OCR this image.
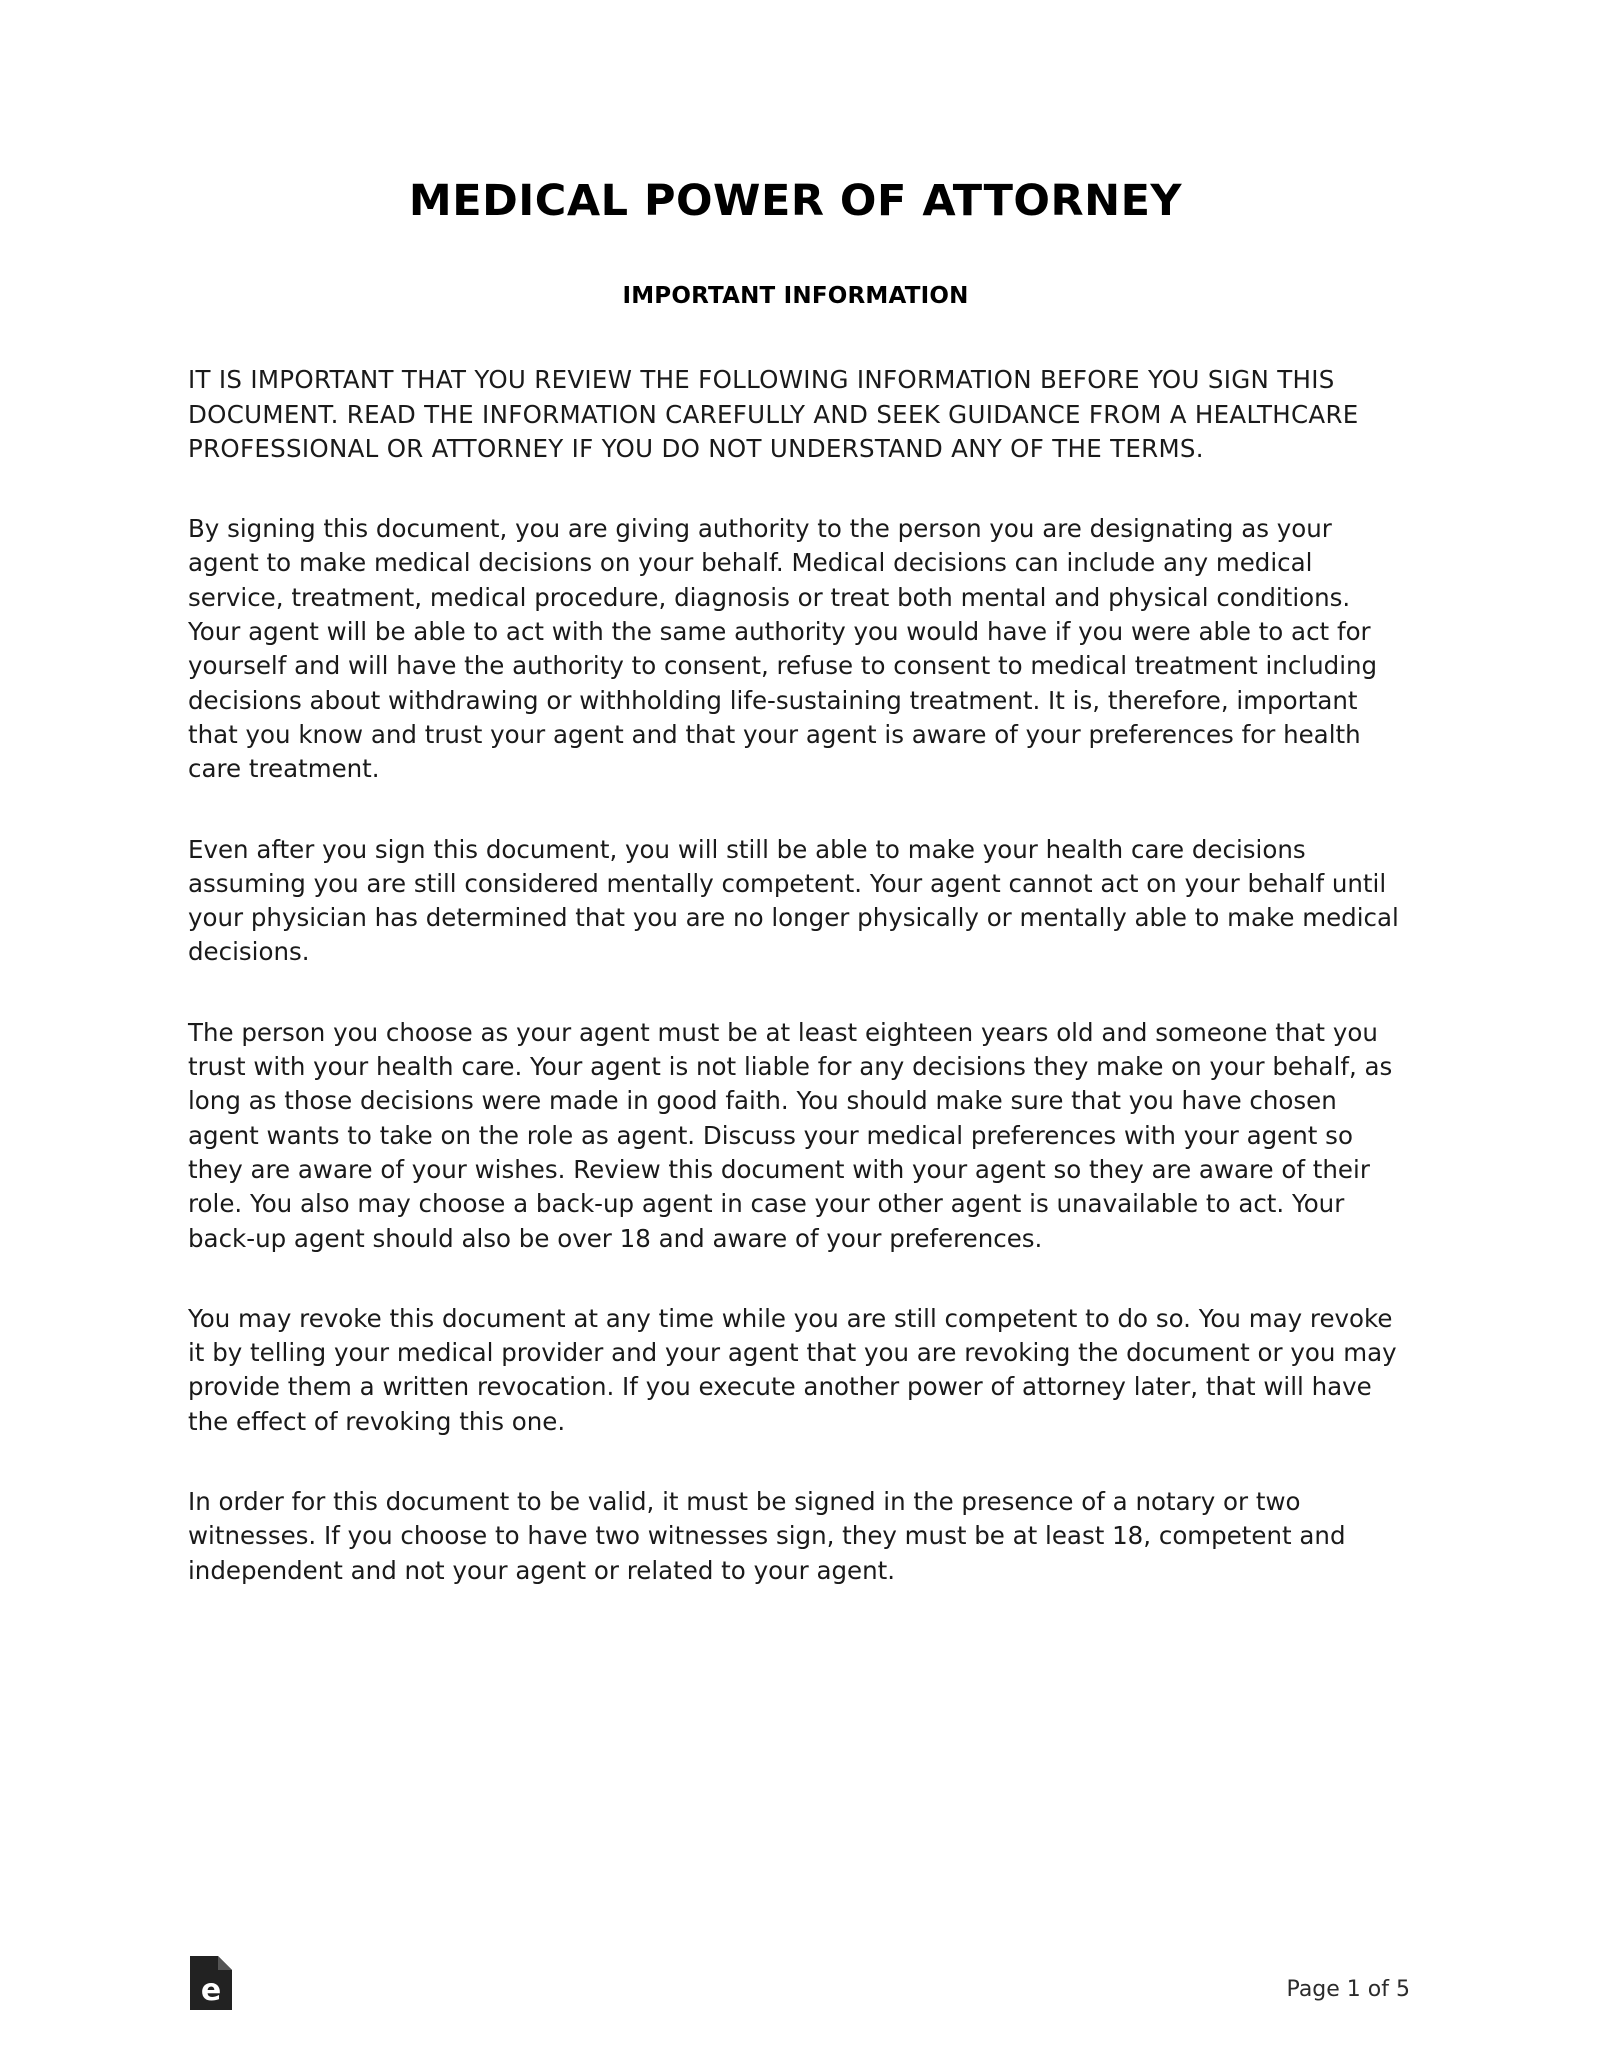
MEDICAL POWER OF ATTORNEY
IMPORTANT INFORMATION

IT IS IMPORTANT THAT YOU REVIEW THE FOLLOWING INFORMATION BEFORE YOU SIGN THIS DOCUMENT. READ THE INFORMATION CAREFULLY AND SEEK GUIDANCE FROM A HEALTHCARE PROFESSIONAL OR ATTORNEY IF YOU DO NOT UNDERSTAND ANY OF THE TERMS.

By signing this document, you are giving authority to the person you are designating as your agent to make medical decisions on your behalf. Medical decisions can include any medical service, treatment, medical procedure, diagnosis or treat both mental and physical conditions. Your agent will be able to act with the same authority you would have if you were able to act for yourself and will have the authority to consent, refuse to consent to medical treatment including decisions about withdrawing or withholding life-sustaining treatment. It is, therefore, important that you know and trust your agent and that your agent is aware of your preferences for health care treatment.

Even after you sign this document, you will still be able to make your health care decisions assuming you are still considered mentally competent. Your agent cannot act on your behalf until your physician has determined that you are no longer physically or mentally able to make medical decisions.

The person you choose as your agent must be at least eighteen years old and someone that you trust with your health care. Your agent is not liable for any decisions they make on your behalf, as long as those decisions were made in good faith. You should make sure that you have chosen agent wants to take on the role as agent. Discuss your medical preferences with your agent so they are aware of your wishes. Review this document with your agent so they are aware of their role. You also may choose a back-up agent in case your other agent is unavailable to act. Your back-up agent should also be over 18 and aware of your preferences.

You may revoke this document at any time while you are still competent to do so. You may revoke it by telling your medical provider and your agent that you are revoking the document or you may provide them a written revocation. If you execute another power of attorney later, that will have the effect of revoking this one.

In order for this document to be valid, it must be signed in the presence of a notary or two witnesses. If you choose to have two witnesses sign, they must be at least 18, competent and independent and not your agent or related to your agent.

e	Page 1 of 5
